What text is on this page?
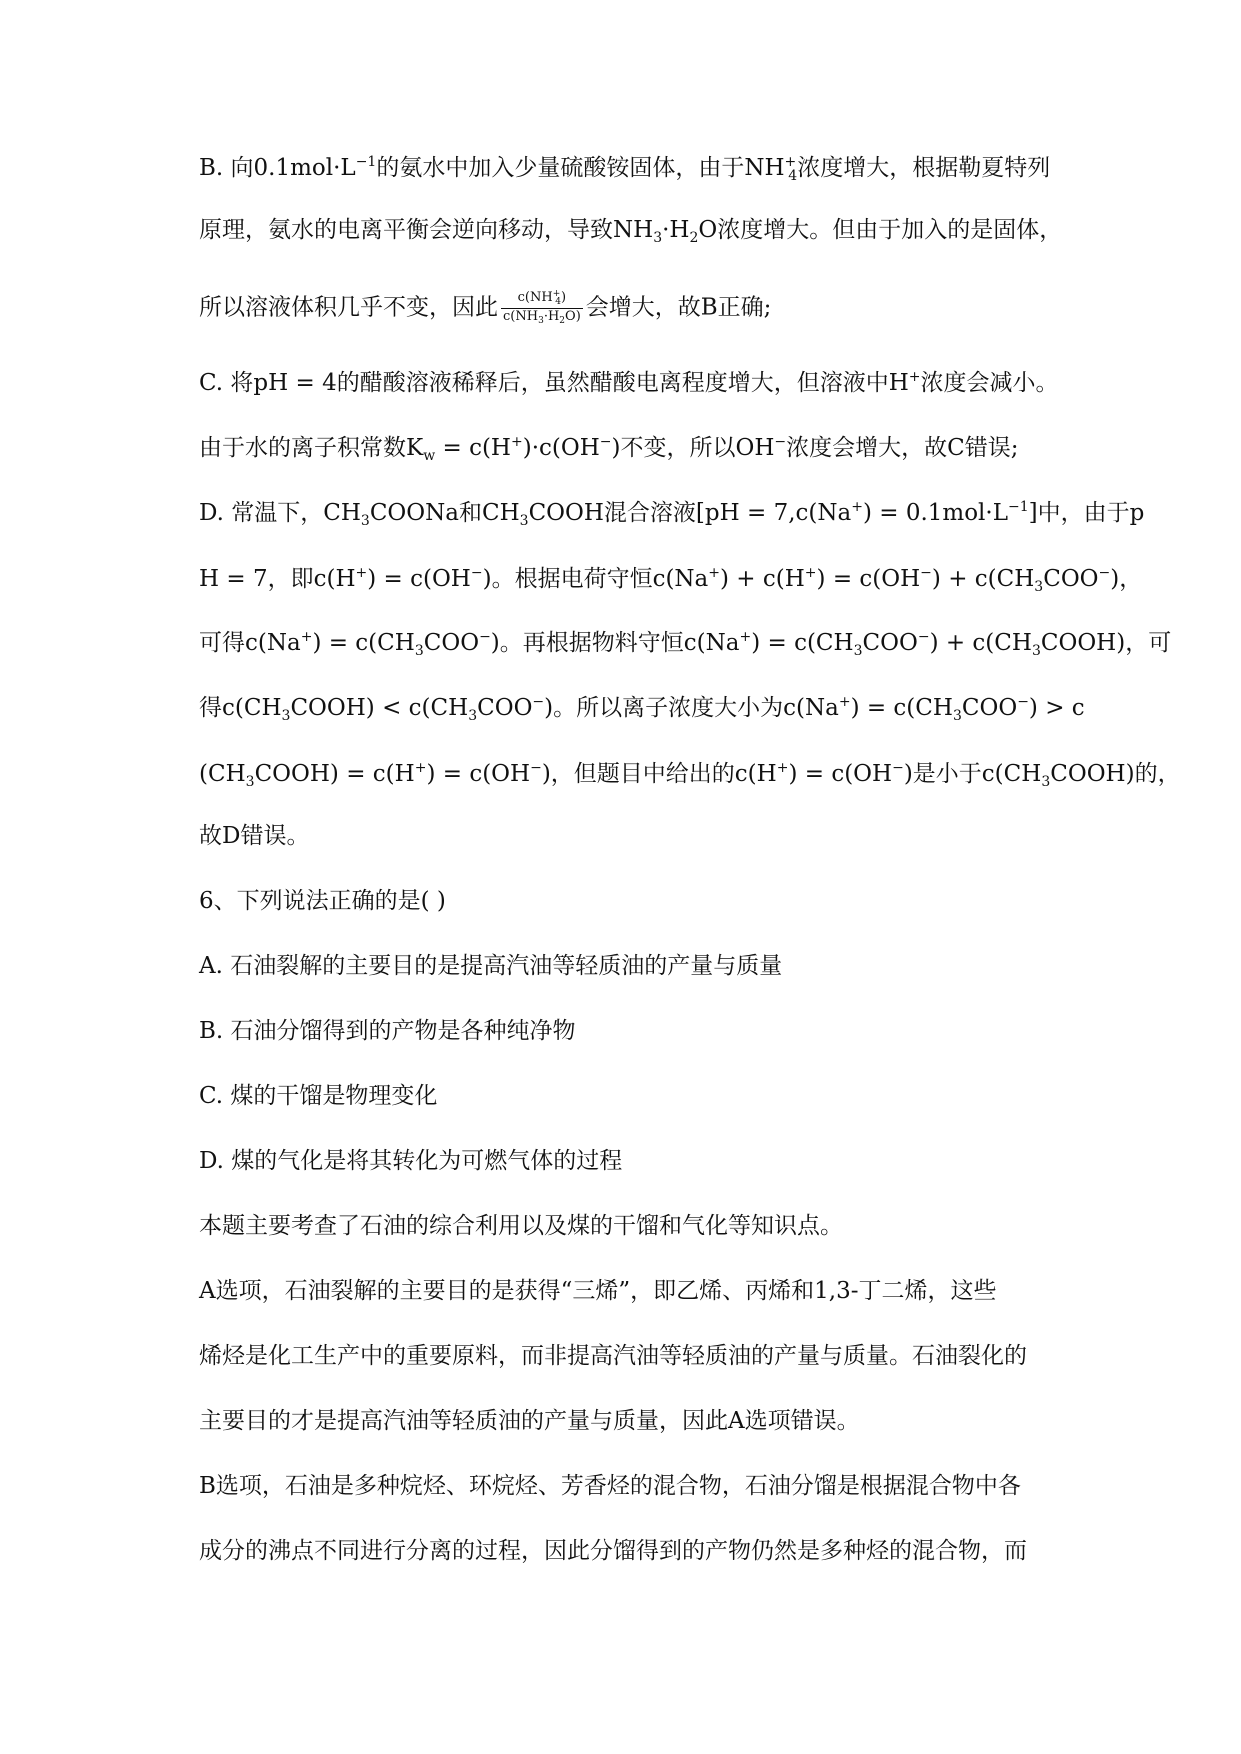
B. 向$0.1mol\cdot L^{-1}$的氨水中加入少量硫酸铵固体，由于$NH^+_4$浓度增大，根据勒夏特列
原理，氨水的电离平衡会逆向移动，导致$NH_3\cdot H_2O$浓度增大。但由于加入的是固体，
所以溶液体积几乎不变，因此 $\frac{c(NH^+_4)}{c(NH_3\cdot H_2O)}$ 会增大，故B正确;
C. 将pH = 4的醋酸溶液稀释后，虽然醋酸电离程度增大，但溶液中H+浓度会减小。
由于水的离子积常数$K_w = c(H^+)\cdot c(OH^-)$不变，所以OH−浓度会增大，故C错误;
D. 常温下，$CH_3COONa$和$CH_3COOH$混合溶液$[pH = 7,c(Na^+) = 0.1mol\cdot L^{-1}]$中，由于p
H = 7，即c(H+) = c(OH−)。根据电荷守恒$c(Na^+) + c(H^+) = c(OH^-) + c(CH_3COO^-)$，
可得$c(Na^+) = c(CH_3COO^-)$。再根据物料守恒$c(Na^+) = c(CH_3COO^-)$ + $c(CH_3COOH)$，可
得$c(CH_3COOH) < c(CH_3COO^-)$。所以离子浓度大小为$c(Na^+) = c(CH_3COO^-) > c$
$(CH_3COOH) = c(H^+) = c(OH^-)$，但题目中给出的c(H+) = c(OH−)是小于$c(CH_3COOH)$的，
故D错误。
6、下列说法正确的是( )
A. 石油裂解的主要目的是提高汽油等轻质油的产量与质量
B. 石油分馏得到的产物是各种纯净物
C. 煤的干馏是物理变化
D. 煤的气化是将其转化为可燃气体的过程
本题主要考查了石油的综合利用以及煤的干馏和气化等知识点。
A选项，石油裂解的主要目的是获得“三烯”，即乙烯、丙烯和1,3-丁二烯，这些
烯烃是化工生产中的重要原料，而非提高汽油等轻质油的产量与质量。石油裂化的
主要目的才是提高汽油等轻质油的产量与质量，因此A选项错误。
B选项，石油是多种烷烃、环烷烃、芳香烃的混合物，石油分馏是根据混合物中各
成分的沸点不同进行分离的过程，因此分馏得到的产物仍然是多种烃的混合物，而
